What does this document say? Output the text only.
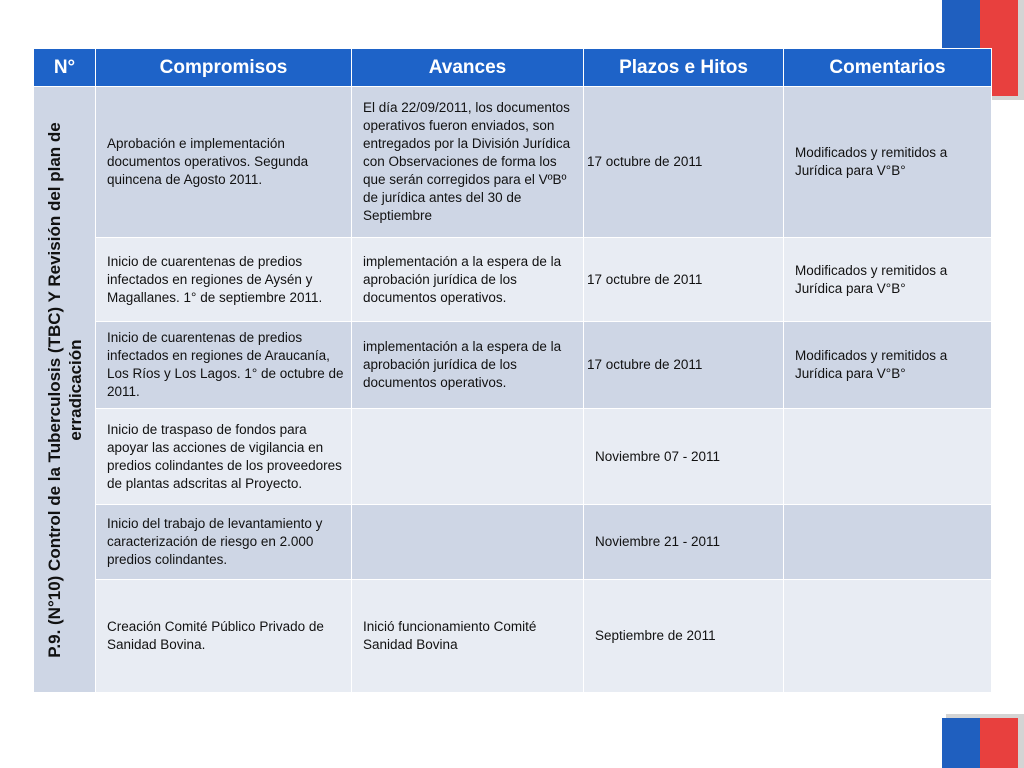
N°	Compromisos	Avances	Plazos e Hitos	Comentarios

P.9. (N°10) Control de la Tuberculosis (TBC) Y Revisión del plan de erradicación	Aprobación e implementación documentos operativos. Segunda quincena de Agosto 2011.	El día 22/09/2011, los documentos operativos fueron enviados, son entregados por la División Jurídica con Observaciones de forma los que serán corregidos para el VºBº de jurídica antes del 30 de Septiembre	17 octubre de 2011	Modificados y remitidos a Jurídica para V°B°
	Inicio de cuarentenas de predios infectados en regiones de Aysén y Magallanes. 1° de septiembre 2011.	implementación a la espera de la aprobación jurídica de los documentos operativos.	17 octubre de 2011	Modificados y remitidos a Jurídica para V°B°
	Inicio de cuarentenas de predios infectados en regiones de Araucanía, Los Ríos y Los Lagos. 1° de octubre de 2011.	implementación a la espera de la aprobación jurídica de los documentos operativos.	17 octubre de 2011	Modificados y remitidos a Jurídica para V°B°
	Inicio de traspaso de fondos para apoyar las acciones de vigilancia en predios colindantes de los proveedores de plantas adscritas al Proyecto.		Noviembre 07 - 2011	
	Inicio del trabajo de levantamiento y caracterización de riesgo en 2.000 predios colindantes.		Noviembre 21 - 2011	
	Creación Comité Público Privado de Sanidad Bovina.	Inició funcionamiento Comité Sanidad Bovina	Septiembre de 2011	
